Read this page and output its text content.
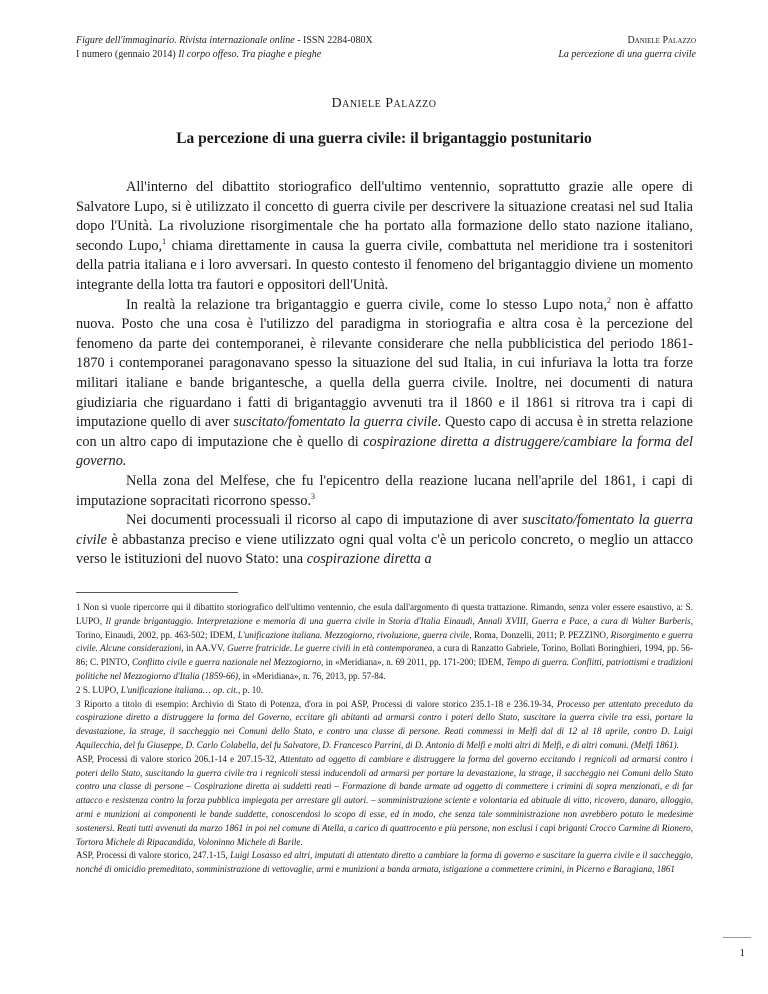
Figure dell'immaginario. Rivista internazionale online - ISSN 2284-080X
I numero (gennaio 2014) Il corpo offeso. Tra piaghe e pieghe
Daniele Palazzo
La percezione di una guerra civile
Daniele Palazzo
La percezione di una guerra civile: il brigantaggio postunitario

All'interno del dibattito storiografico dell'ultimo ventennio, soprattutto grazie alle opere di Salvatore Lupo, si è utilizzato il concetto di guerra civile per descrivere la situazione creatasi nel sud Italia dopo l'Unità. La rivoluzione risorgimentale che ha portato alla formazione dello stato nazione italiano, secondo Lupo,$^1$ chiama direttamente in causa la guerra civile, combattuta nel meridione tra i sostenitori della patria italiana e i loro avversari. In questo contesto il fenomeno del brigantaggio diviene un momento integrante della lotta tra fautori e oppositori dell'Unità.

In realtà la relazione tra brigantaggio e guerra civile, come lo stesso Lupo nota,$^2$ non è affatto nuova. Posto che una cosa è l'utilizzo del paradigma in storiografia e altra cosa è la percezione del fenomeno da parte dei contemporanei, è rilevante considerare che nella pubblicistica del periodo 1861-1870 i contemporanei paragonavano spesso la situazione del sud Italia, in cui infuriava la lotta tra forze militari italiane e bande brigantesche, a quella della guerra civile. Inoltre, nei documenti di natura giudiziaria che riguardano i fatti di brigantaggio avvenuti tra il 1860 e il 1861 si ritrova tra i capi di imputazione quello di aver suscitato/fomentato la guerra civile. Questo capo di accusa è in stretta relazione con un altro capo di imputazione che è quello di cospirazione diretta a distruggere/cambiare la forma del governo.

Nella zona del Melfese, che fu l'epicentro della reazione lucana nell'aprile del 1861, i capi di imputazione sopracitati ricorrono spesso.$^3$

Nei documenti processuali il ricorso al capo di imputazione di aver suscitato/fomentato la guerra civile è abbastanza preciso e viene utilizzato ogni qual volta c'è un pericolo concreto, o meglio un attacco verso le istituzioni del nuovo Stato: una cospirazione diretta a

1 Non si vuole ripercorre qui il dibattito storiografico dell'ultimo ventennio, che esula dall'argomento di questa trattazione. Rimando, senza voler essere esaustivo, a: S. LUPO, Il grande brigantaggio. Interpretazione e memoria di una guerra civile in Storia d'Italia Einaudi, Annali XVIII, Guerra e Pace, a cura di Walter Barberis, Torino, Einaudi, 2002, pp. 463-502; IDEM, L'unificazione italiana. Mezzogiorno, rivoluzione, guerra civile, Roma, Donzelli, 2011; P. PEZZINO, Risorgimento e guerra civile. Alcune considerazioni, in AA.VV. Guerre fratricide. Le guerre civili in età contemporanea, a cura di Ranzatto Gabriele, Torino, Bollati Boringhieri, 1994, pp. 56-86; C. PINTO, Conflitto civile e guerra nazionale nel Mezzogiorno, in «Meridiana», n. 69 2011, pp. 171-200; IDEM, Tempo di guerra. Conflitti, patriottismi e tradizioni politiche nel Mezzogiorno d'Italia (1859-66), in «Meridiana», n. 76, 2013, pp. 57-84.

2 S. LUPO, L'unificazione italiana… op. cit., p. 10.

3 Riporto a titolo di esempio: Archivio di Stato di Potenza, d'ora in poi ASP, Processi di valore storico 235.1-18 e 236.19-34, Processo per attentato preceduto da cospirazione diretto a distruggere la forma del Governo, eccitare gli abitanti ad armarsi contro i poteri dello Stato, suscitare la guerra civile tra essi, portare la devastazione, la strage, il saccheggio nei Comuni dello Stato, e contro una classe di persone. Reati commessi in Melfi dal di 12 al 18 aprile, contro D. Luigi Aquilecchia, del fu Giuseppe, D. Carlo Colabella, del fu Salvatore, D. Francesco Parrini, di D. Antonio di Melfi e molti altri di Melfi, e di altri comuni. (Melfi 1861).

ASP, Processi di valore storico 206.1-14 e 207.15-32, Attentato ad oggetto di cambiare e distruggere la forma del governo eccitando i regnicoli ad armarsi contro i poteri dello Stato, suscitando la guerra civile tra i regnicoli stessi inducendoli ad armarsi per portare la devastazione, la strage, il saccheggio nei Comuni dello Stato contro una classe di persone – Cospirazione diretta ai suddetti reati – Formazione di bande armate ad oggetto di commettere i crimini di sopra menzionati, e di far attacco e resistenza contro la forza pubblica impiegata per arrestare gli autori. – somministrazione sciente e volontaria ed abituale di vitto, ricovero, danaro, alloggio, armi e munizioni ai componenti le bande suddette, conoscendosi lo scopo di esse, ed in modo, che senza tale somministrazione non avrebbero potuto le medesime sostenersi. Reati tutti avvenuti da marzo 1861 in poi nel comune di Atella, a carico di quattrocento e più persone, non esclusi i capi briganti Crocco Carmine di Rionero, Tortora Michele di Ripacandida, Voloninno Michele di Barile.

ASP, Processi di valore storico, 247.1-15, Luigi Losasso ed altri, imputati di attentato diretto a cambiare la forma di governo e suscitare la guerra civile e il saccheggio, nonché di omicidio premeditato, somministrazione di vettovaglie, armi e munizioni a banda armata, istigazione a commettere crimini, in Picerno e Baragiana, 1861

1
